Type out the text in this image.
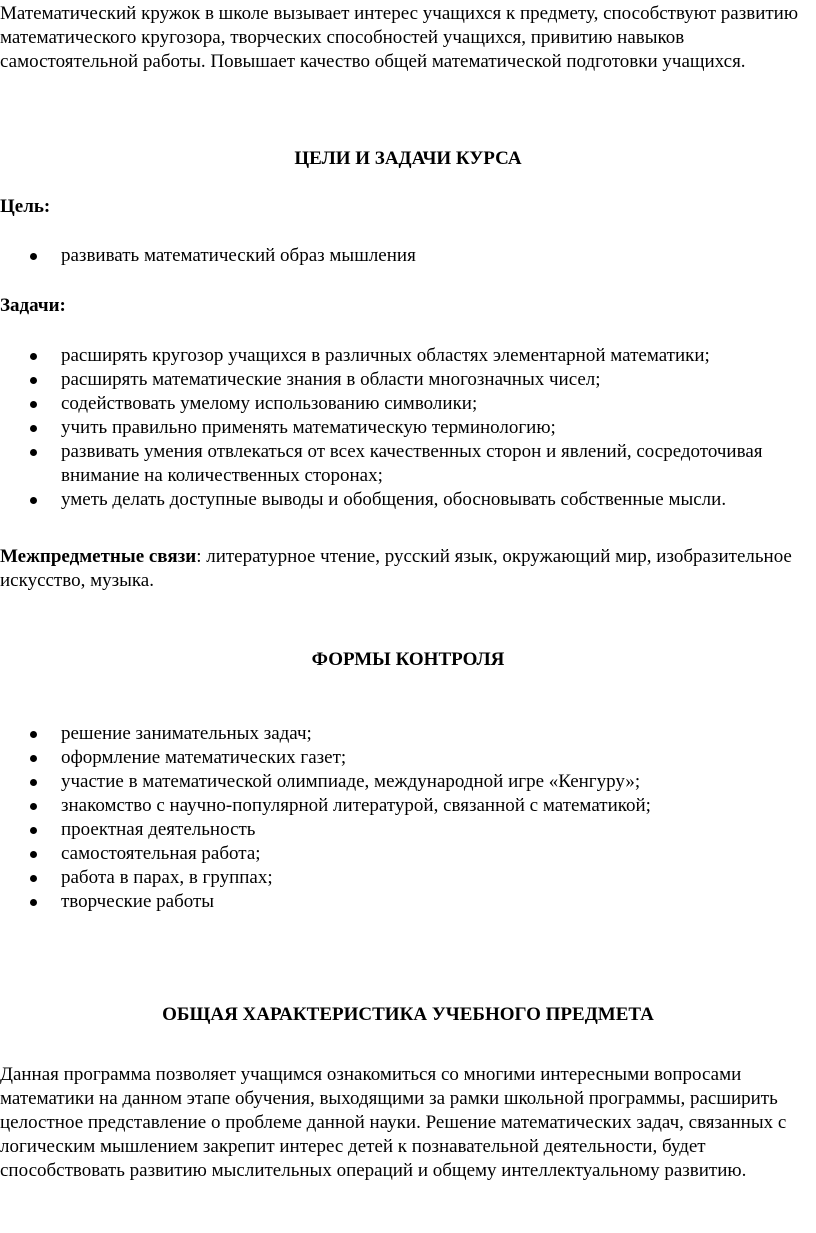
Математический кружок в школе вызывает интерес учащихся к предмету, способствуют развитию математического кругозора, творческих способностей учащихся, привитию навыков самостоятельной работы. Повышает качество общей математической подготовки учащихся.

ЦЕЛИ И ЗАДАЧИ КУРСА

Цель:

развивать математический образ мышления

Задачи:

расширять кругозор учащихся в различных областях элементарной математики;
расширять математические знания в области многозначных чисел;
содействовать умелому использованию символики;
учить правильно применять математическую терминологию;
развивать умения отвлекаться от всех качественных сторон и явлений, сосредоточивая внимание на количественных сторонах;
уметь делать доступные выводы и обобщения, обосновывать собственные мысли.

Межпредметные связи: литературное чтение, русский язык, окружающий мир, изобразительное искусство, музыка.

ФОРМЫ КОНТРОЛЯ
решение занимательных задач;
оформление математических газет;
участие в математической олимпиаде, международной игре «Кенгуру»;
знакомство с научно-популярной литературой, связанной с математикой;
проектная деятельность
самостоятельная работа;
работа в парах, в группах;
творческие работы
ОБЩАЯ ХАРАКТЕРИСТИКА УЧЕБНОГО ПРЕДМЕТА

Данная программа позволяет учащимся ознакомиться со многими интересными вопросами математики на данном этапе обучения, выходящими за рамки школьной программы, расширить целостное представление о проблеме данной науки. Решение математических задач, связанных с логическим мышлением закрепит интерес детей к познавательной деятельности, будет способствовать развитию мыслительных операций и общему интеллектуальному развитию.
